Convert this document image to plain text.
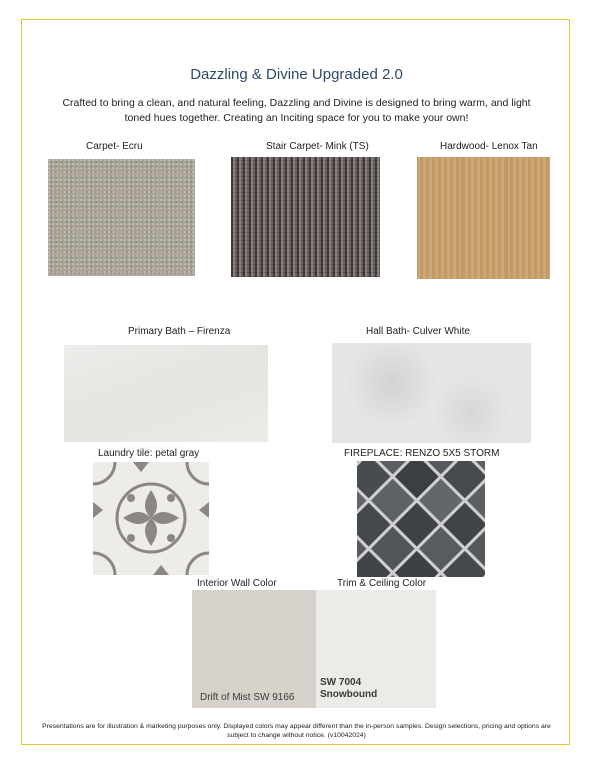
Dazzling & Divine Upgraded 2.0
Crafted to bring a clean, and natural feeling, Dazzling and Divine is designed to bring warm, and light toned hues together. Creating an Inciting space for you to make your own!
Carpet- Ecru	Stair Carpet- Mink (TS)	Hardwood- Lenox Tan
Primary Bath – Firenza	Hall Bath- Culver White
Laundry tile: petal gray	FIREPLACE: RENZO 5X5 STORM
Interior Wall Color	Trim & Ceiling Color
Drift of Mist SW 9166
SW 7004
Snowbound
Presentations are for illustration & marketing purposes only. Displayed colors may appear different than the in-person samples. Design selections, pricing and options are subject to change without notice. (v10042024)
